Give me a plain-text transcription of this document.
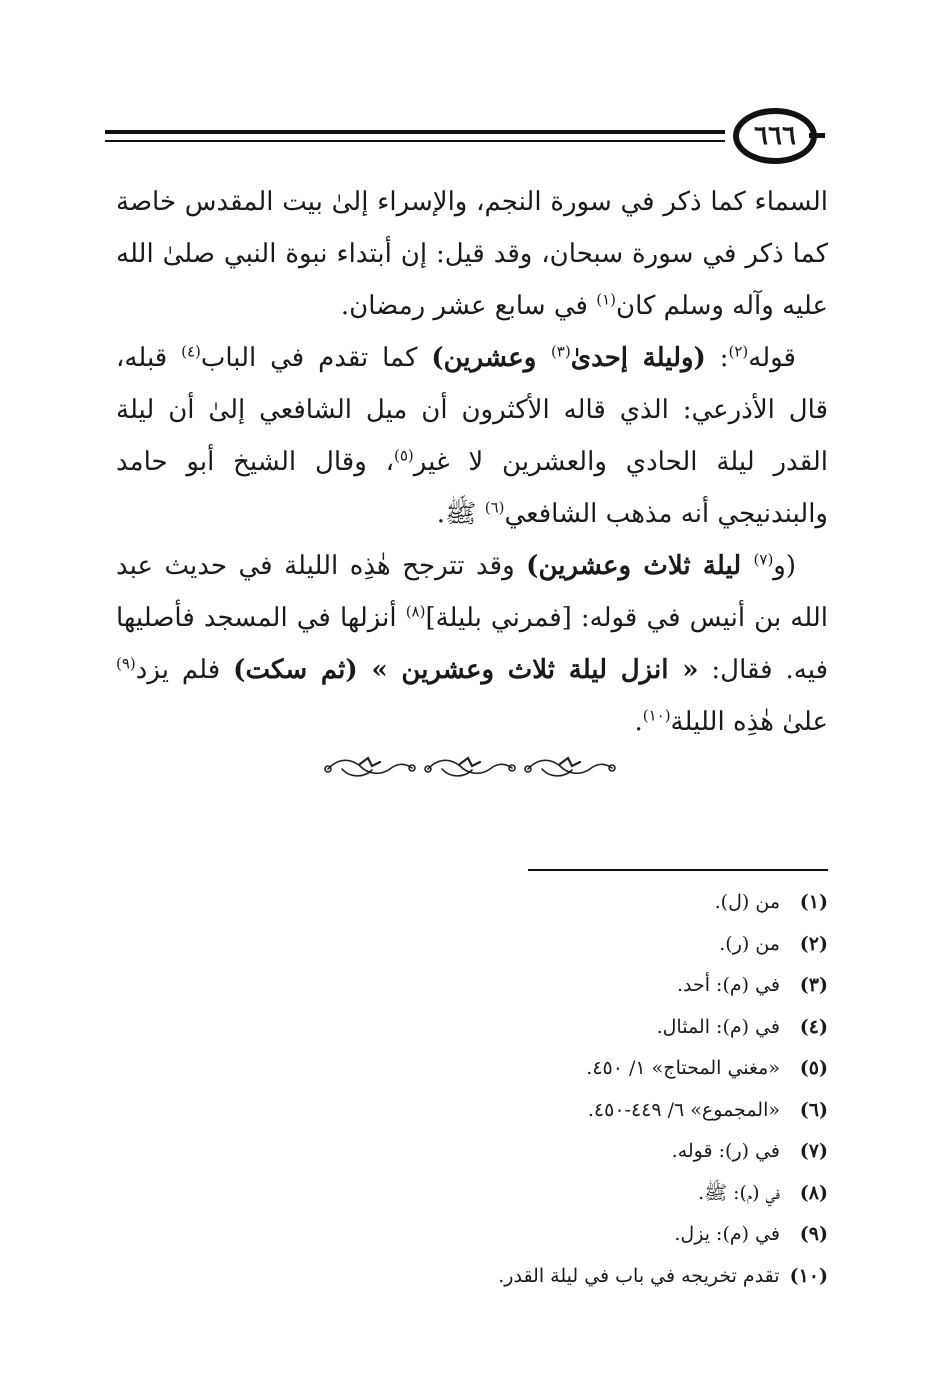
٦٦٦

السماء كما ذكر في سورة النجم، والإسراء إلىٰ بيت المقدس خاصة كما ذكر في سورة سبحان، وقد قيل: إن أبتداء نبوة النبي صلىٰ الله عليه وآله وسلم كان$^{(١)}$ في سابع عشر رمضان.

قوله$^{(٢)}$: (وليلة إحدىٰ$^{(٣)}$ وعشرين) كما تقدم في الباب$^{(٤)}$ قبله، قال الأذرعي: الذي قاله الأكثرون أن ميل الشافعي إلىٰ أن ليلة القدر ليلة الحادي والعشرين لا غير$^{(٥)}$، وقال الشيخ أبو حامد والبندنيجي أنه مذهب الشافعي$^{(٦)}$ ﷺ.

(و$^{(٧)}$ ليلة ثلاث وعشرين) وقد تترجح هٰذِه الليلة في حديث عبد الله بن أنيس في قوله: [فمرني بليلة]$^{(٨)}$ أنزلها في المسجد فأصليها فيه. فقال: « انزل ليلة ثلاث وعشرين » (ثم سكت) فلم يزد$^{(٩)}$ علىٰ هٰذِه الليلة$^{(١٠)}$.

(١)
من (ل).
(٢)
من (ر).
(٣)
في (م): أحد.
(٤)
في (م): المثال.
(٥)
«مغني المحتاج» ١/ ٤٥٠.
(٦)
«المجموع» ٦/ ٤٤٩-٤٥٠.
(٧)
في (ر): قوله.
(٨)
في (م): ﷺ.
(٩)
في (م): يزل.
(١٠)
تقدم تخريجه في باب في ليلة القدر.
